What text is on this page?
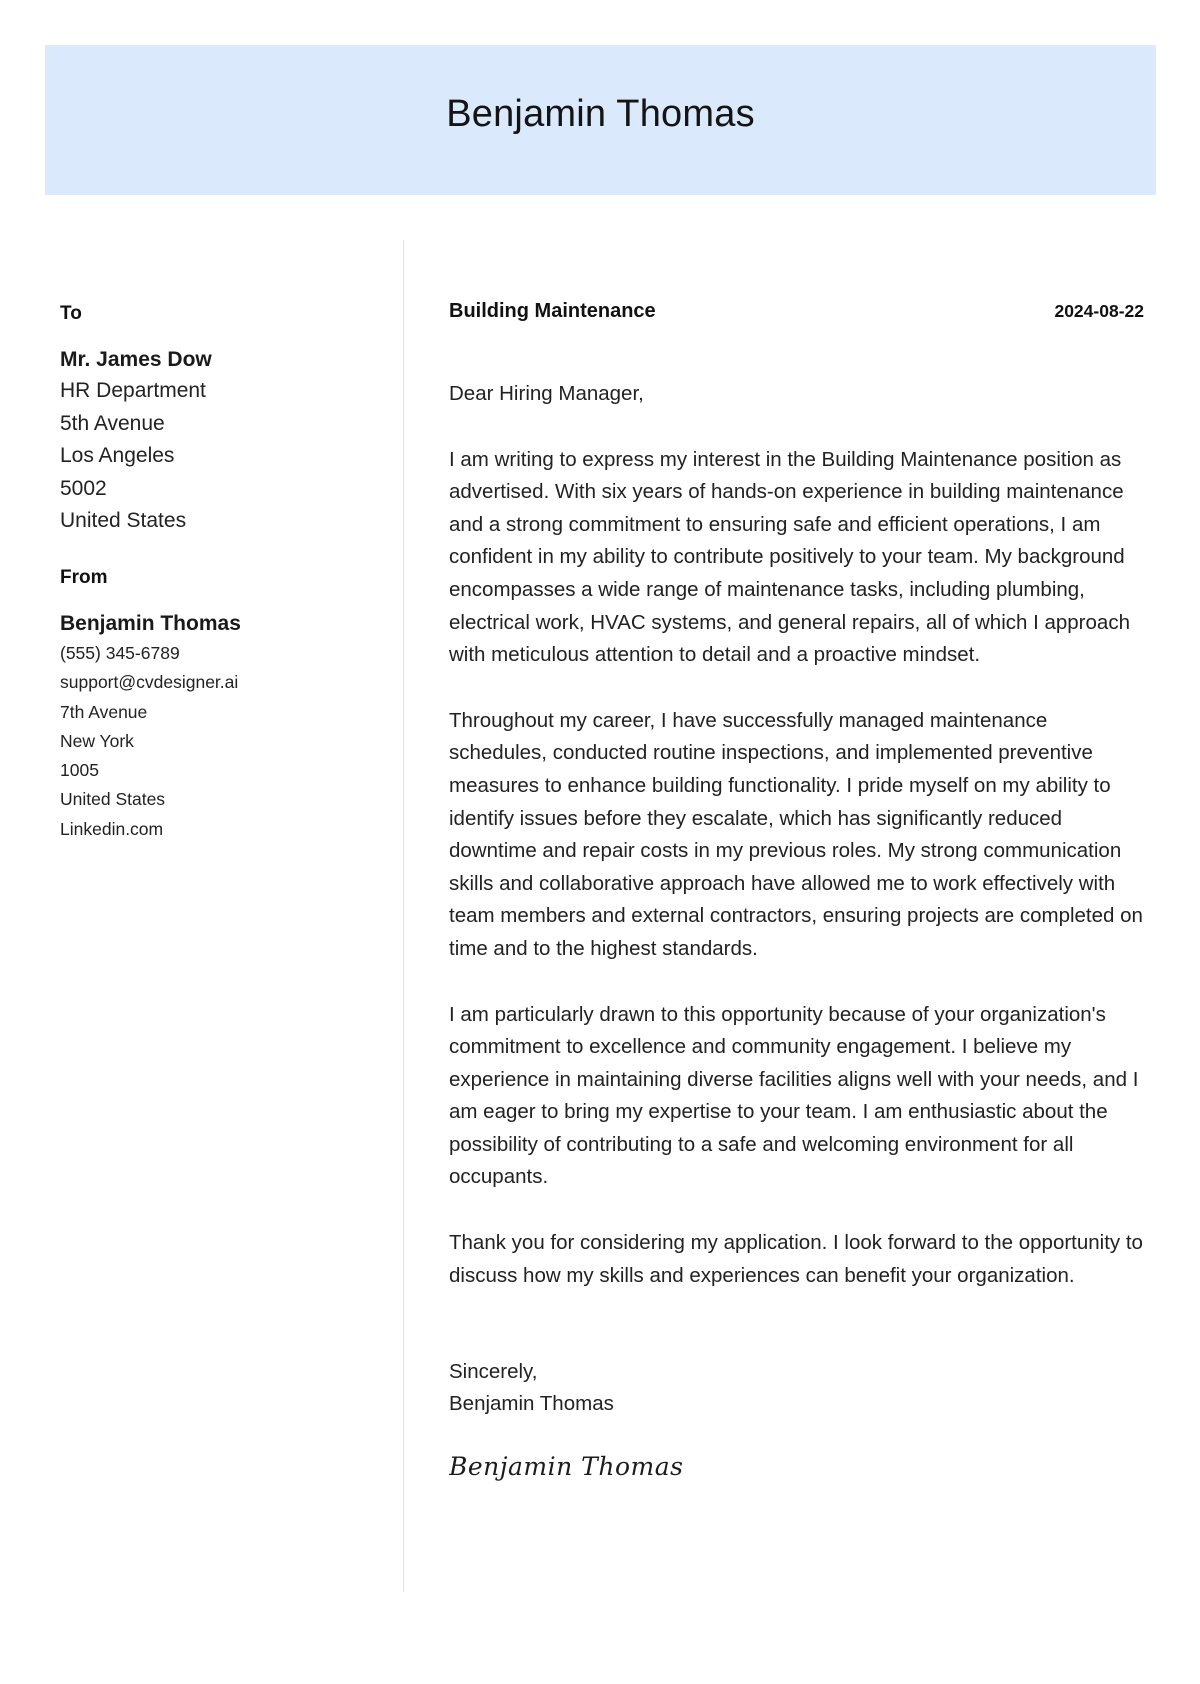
Benjamin Thomas
To
Mr. James Dow
HR Department
5th Avenue
Los Angeles
5002
United States
From
Benjamin Thomas
(555) 345-6789
support@cvdesigner.ai
7th Avenue
New York
1005
United States
Linkedin.com
Building Maintenance	2024-08-22
Dear Hiring Manager,
I am writing to express my interest in the Building Maintenance position as advertised. With six years of hands-on experience in building maintenance and a strong commitment to ensuring safe and efficient operations, I am confident in my ability to contribute positively to your team. My background encompasses a wide range of maintenance tasks, including plumbing, electrical work, HVAC systems, and general repairs, all of which I approach with meticulous attention to detail and a proactive mindset.
Throughout my career, I have successfully managed maintenance schedules, conducted routine inspections, and implemented preventive measures to enhance building functionality. I pride myself on my ability to identify issues before they escalate, which has significantly reduced downtime and repair costs in my previous roles. My strong communication skills and collaborative approach have allowed me to work effectively with team members and external contractors, ensuring projects are completed on time and to the highest standards.
I am particularly drawn to this opportunity because of your organization's commitment to excellence and community engagement. I believe my experience in maintaining diverse facilities aligns well with your needs, and I am eager to bring my expertise to your team. I am enthusiastic about the possibility of contributing to a safe and welcoming environment for all occupants.
Thank you for considering my application. I look forward to the opportunity to discuss how my skills and experiences can benefit your organization.
Sincerely,
Benjamin Thomas
Benjamin Thomas
